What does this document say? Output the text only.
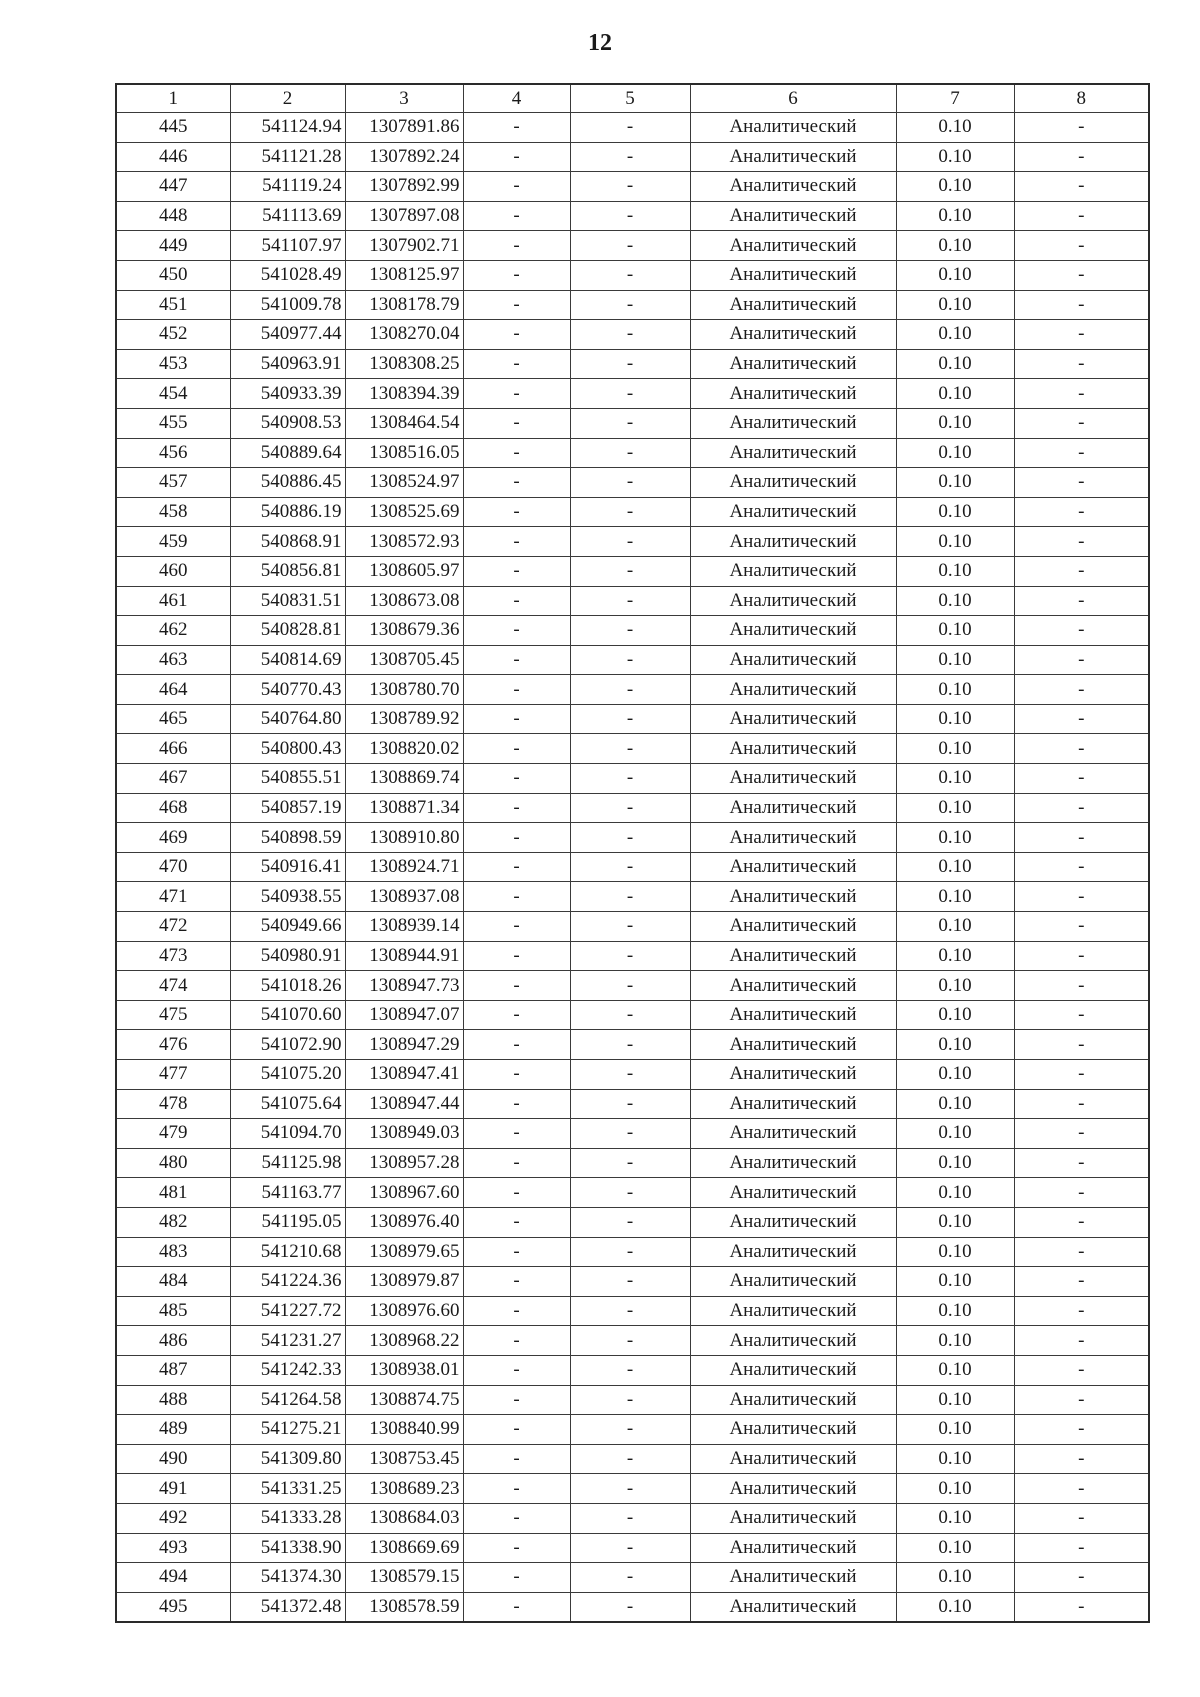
12
1	2	3	4	5	6	7	8
445	541124.94	1307891.86	-	-	Аналитический	0.10	-
446	541121.28	1307892.24	-	-	Аналитический	0.10	-
447	541119.24	1307892.99	-	-	Аналитический	0.10	-
448	541113.69	1307897.08	-	-	Аналитический	0.10	-
449	541107.97	1307902.71	-	-	Аналитический	0.10	-
450	541028.49	1308125.97	-	-	Аналитический	0.10	-
451	541009.78	1308178.79	-	-	Аналитический	0.10	-
452	540977.44	1308270.04	-	-	Аналитический	0.10	-
453	540963.91	1308308.25	-	-	Аналитический	0.10	-
454	540933.39	1308394.39	-	-	Аналитический	0.10	-
455	540908.53	1308464.54	-	-	Аналитический	0.10	-
456	540889.64	1308516.05	-	-	Аналитический	0.10	-
457	540886.45	1308524.97	-	-	Аналитический	0.10	-
458	540886.19	1308525.69	-	-	Аналитический	0.10	-
459	540868.91	1308572.93	-	-	Аналитический	0.10	-
460	540856.81	1308605.97	-	-	Аналитический	0.10	-
461	540831.51	1308673.08	-	-	Аналитический	0.10	-
462	540828.81	1308679.36	-	-	Аналитический	0.10	-
463	540814.69	1308705.45	-	-	Аналитический	0.10	-
464	540770.43	1308780.70	-	-	Аналитический	0.10	-
465	540764.80	1308789.92	-	-	Аналитический	0.10	-
466	540800.43	1308820.02	-	-	Аналитический	0.10	-
467	540855.51	1308869.74	-	-	Аналитический	0.10	-
468	540857.19	1308871.34	-	-	Аналитический	0.10	-
469	540898.59	1308910.80	-	-	Аналитический	0.10	-
470	540916.41	1308924.71	-	-	Аналитический	0.10	-
471	540938.55	1308937.08	-	-	Аналитический	0.10	-
472	540949.66	1308939.14	-	-	Аналитический	0.10	-
473	540980.91	1308944.91	-	-	Аналитический	0.10	-
474	541018.26	1308947.73	-	-	Аналитический	0.10	-
475	541070.60	1308947.07	-	-	Аналитический	0.10	-
476	541072.90	1308947.29	-	-	Аналитический	0.10	-
477	541075.20	1308947.41	-	-	Аналитический	0.10	-
478	541075.64	1308947.44	-	-	Аналитический	0.10	-
479	541094.70	1308949.03	-	-	Аналитический	0.10	-
480	541125.98	1308957.28	-	-	Аналитический	0.10	-
481	541163.77	1308967.60	-	-	Аналитический	0.10	-
482	541195.05	1308976.40	-	-	Аналитический	0.10	-
483	541210.68	1308979.65	-	-	Аналитический	0.10	-
484	541224.36	1308979.87	-	-	Аналитический	0.10	-
485	541227.72	1308976.60	-	-	Аналитический	0.10	-
486	541231.27	1308968.22	-	-	Аналитический	0.10	-
487	541242.33	1308938.01	-	-	Аналитический	0.10	-
488	541264.58	1308874.75	-	-	Аналитический	0.10	-
489	541275.21	1308840.99	-	-	Аналитический	0.10	-
490	541309.80	1308753.45	-	-	Аналитический	0.10	-
491	541331.25	1308689.23	-	-	Аналитический	0.10	-
492	541333.28	1308684.03	-	-	Аналитический	0.10	-
493	541338.90	1308669.69	-	-	Аналитический	0.10	-
494	541374.30	1308579.15	-	-	Аналитический	0.10	-
495	541372.48	1308578.59	-	-	Аналитический	0.10	-
